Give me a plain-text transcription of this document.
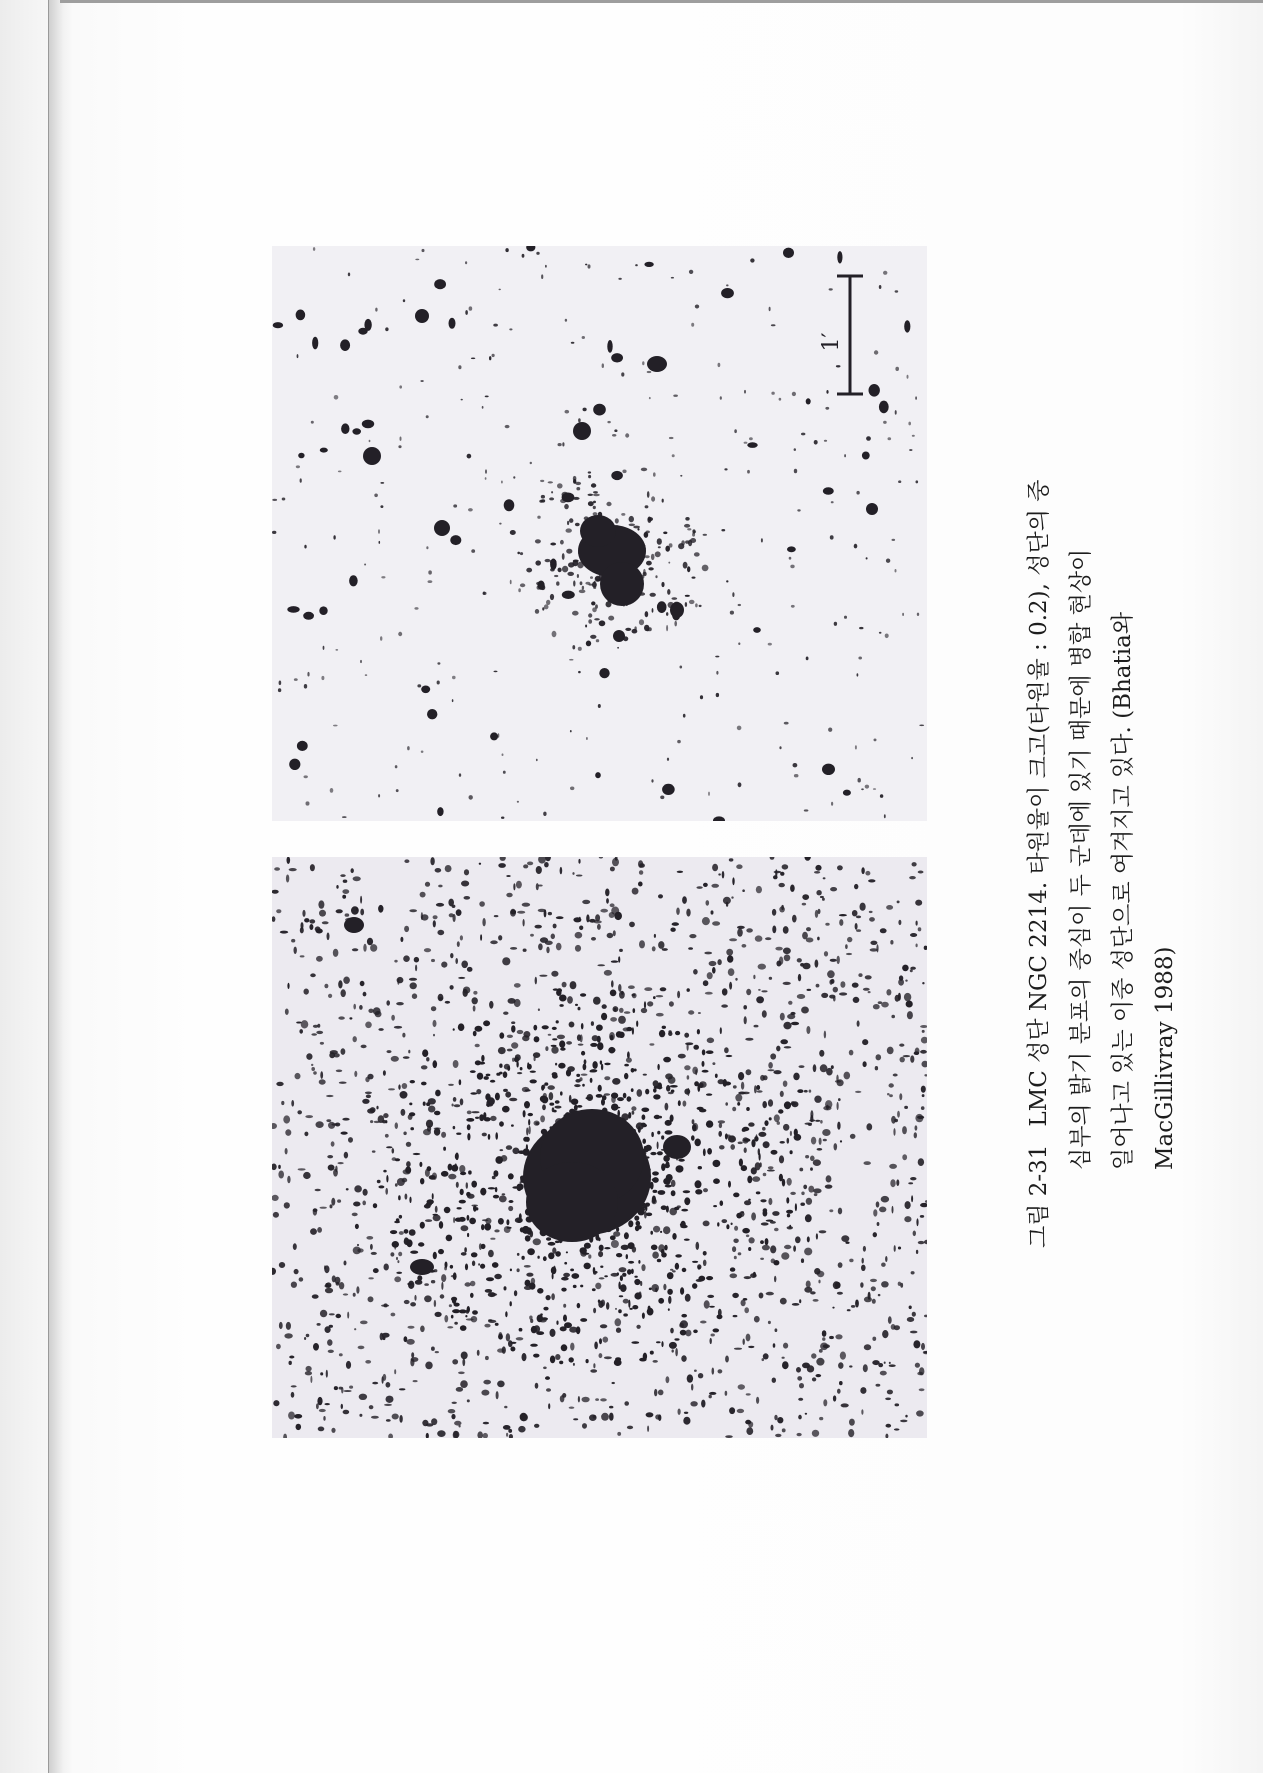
1′
그림 2-31LMC 성단 NGC 2214. 타원율이 크고(타원율 : 0.2), 성단의 중 심부의 밝기 분포의 중심이 두 군데에 있기 때문에 병합 현상이 일어나고 있는 이중 성단으로 여겨지고 있다. (Bhatia와 MacGillivray 1988)
